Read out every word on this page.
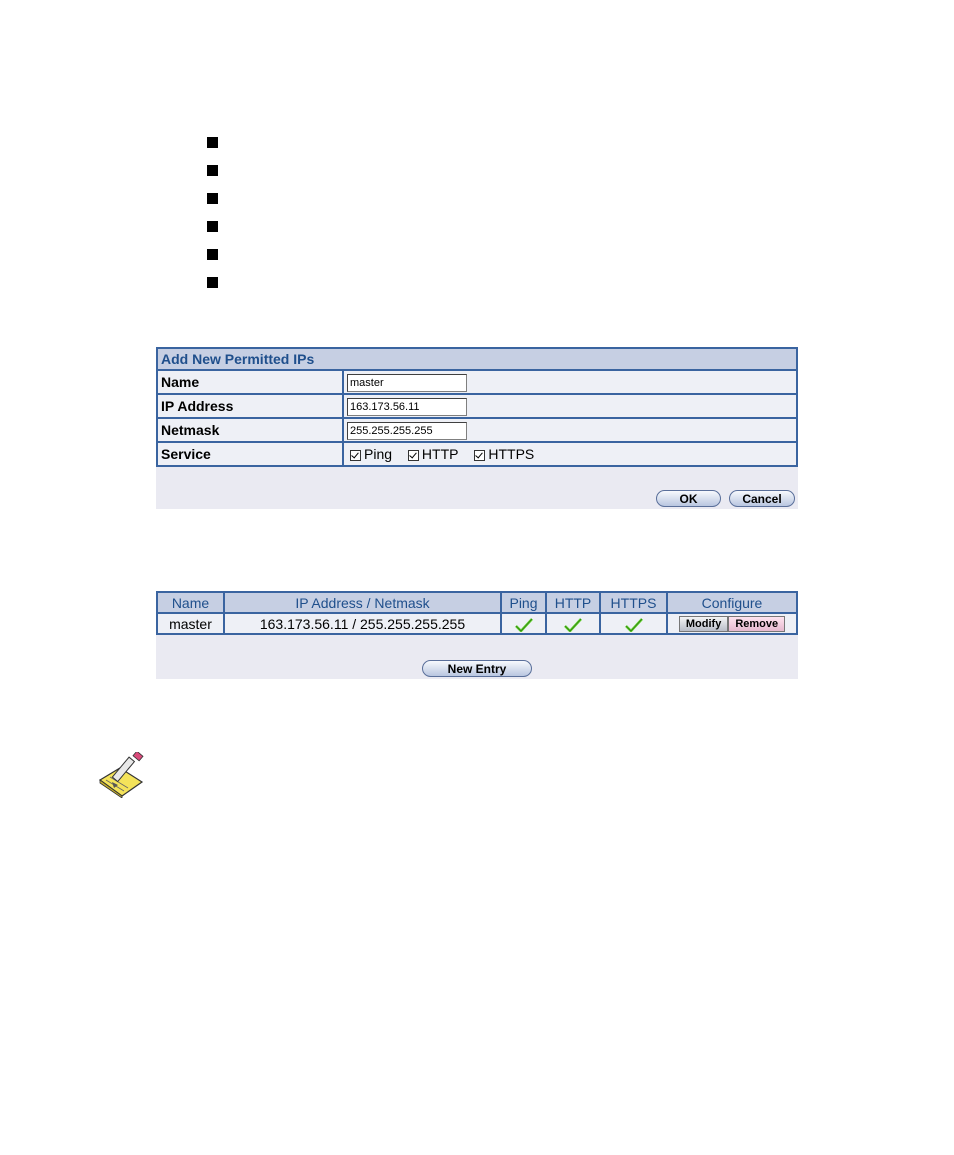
Add New Permitted IPs	
Name	master
IP Address	163.173.56.11
Netmask	255.255.255.255
Service	Ping HTTP HTTPS
OK	Cancel
Name	IP Address / Netmask	Ping	HTTP	HTTPS	Configure
master	163.173.56.11 / 255.255.255.255				Modify Remove
New Entry
